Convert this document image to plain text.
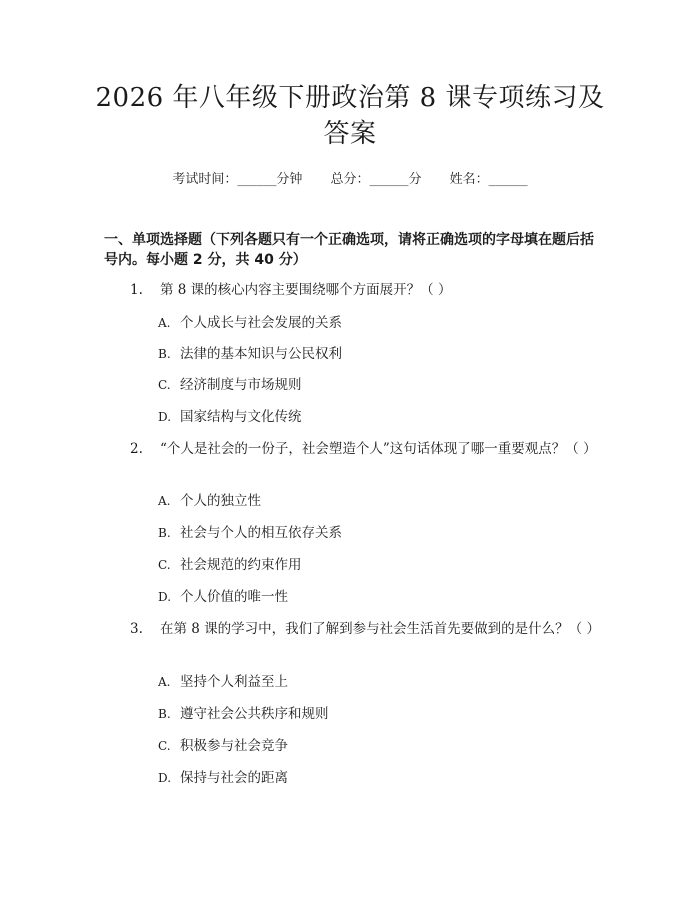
2026 年八年级下册政治第 8 课专项练习及答案
考试时间：______分钟 总分：______分 姓名：______
一、单项选择题（下列各题只有一个正确选项，请将正确选项的字母填在题后括号内。每小题 2 分，共 40 分）
1. 第 8 课的核心内容主要围绕哪个方面展开？（ ）
A. 个人成长与社会发展的关系
B. 法律的基本知识与公民权利
C. 经济制度与市场规则
D. 国家结构与文化传统
2. “个人是社会的一份子，社会塑造个人”这句话体现了哪一重要观点？（ ）
A. 个人的独立性
B. 社会与个人的相互依存关系
C. 社会规范的约束作用
D. 个人价值的唯一性
3. 在第 8 课的学习中，我们了解到参与社会生活首先要做到的是什么？（ ）
A. 坚持个人利益至上
B. 遵守社会公共秩序和规则
C. 积极参与社会竞争
D. 保持与社会的距离
